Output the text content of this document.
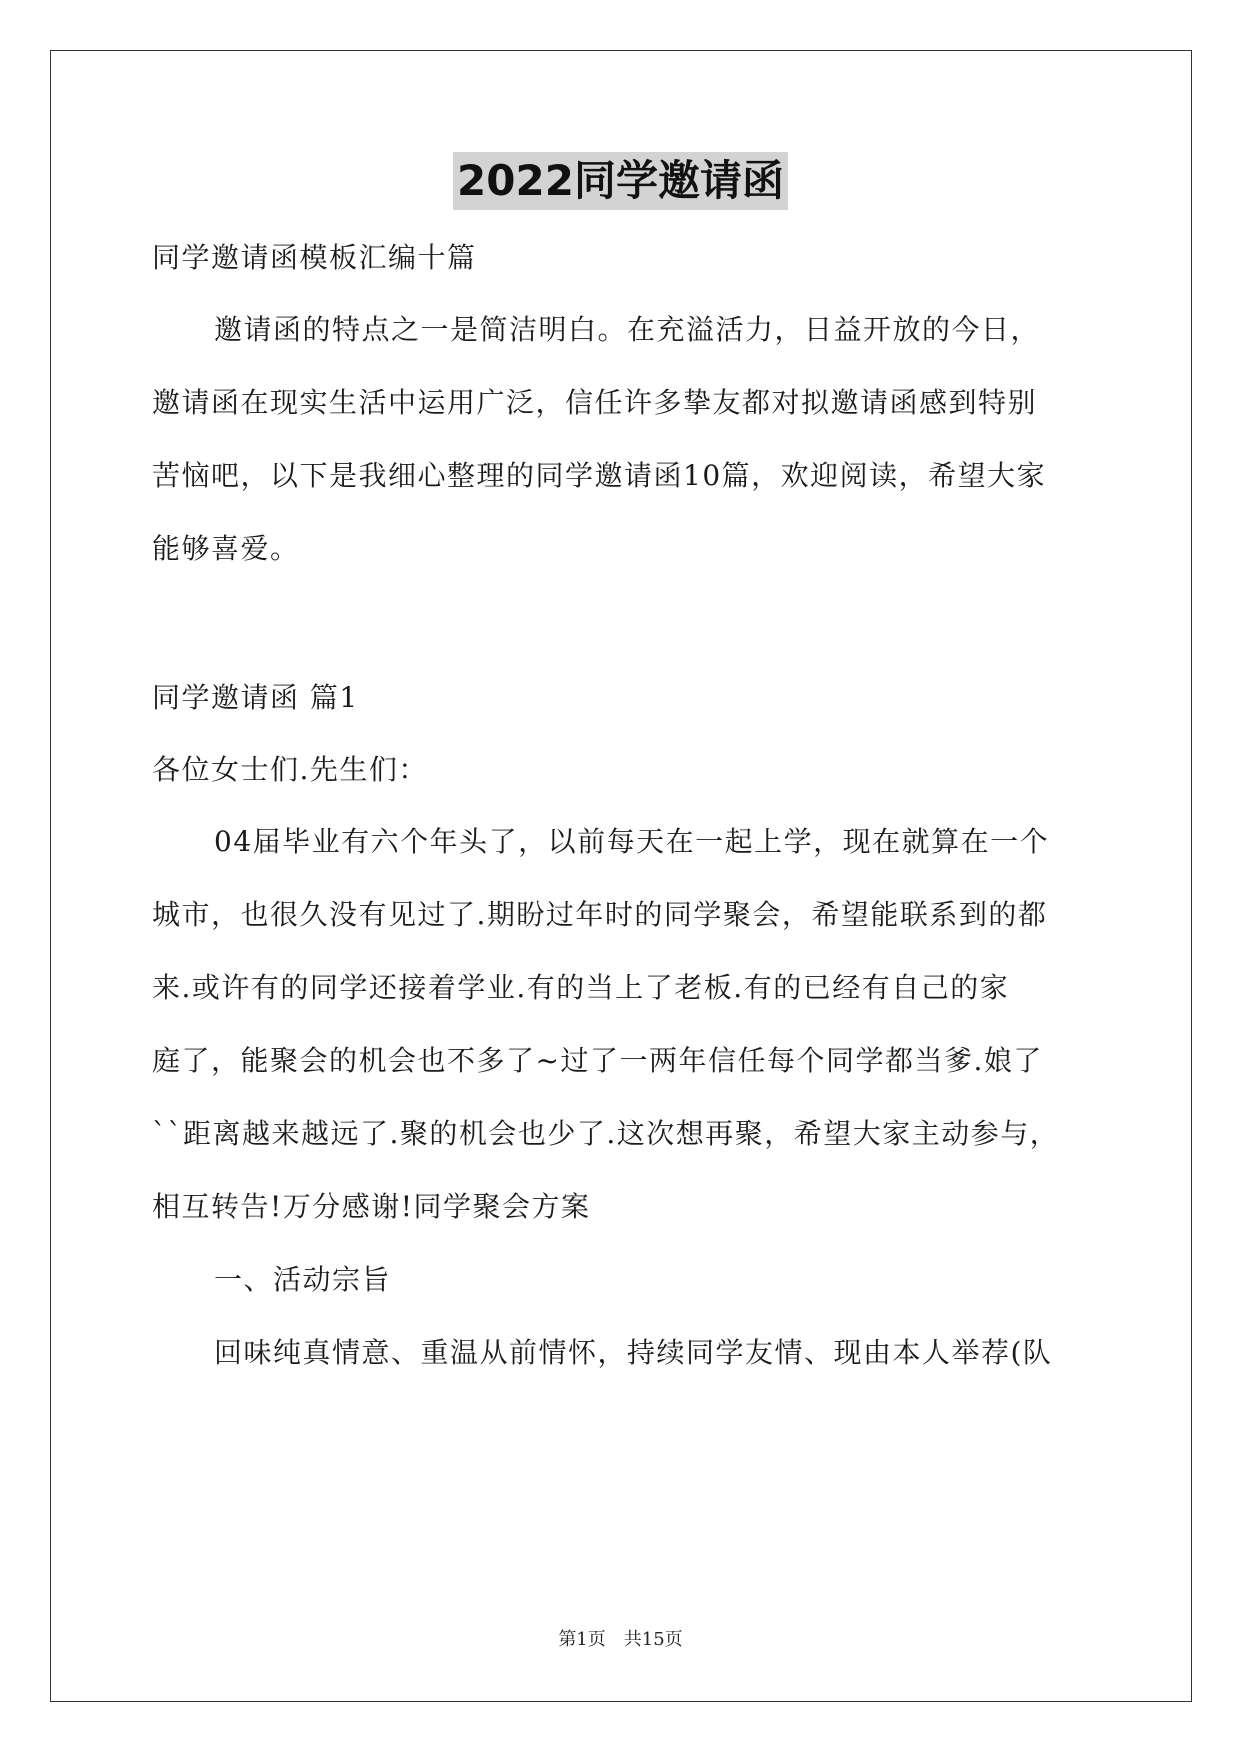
2022同学邀请函
同学邀请函模板汇编十篇
邀请函的特点之一是简洁明白。在充溢活力，日益开放的今日，
邀请函在现实生活中运用广泛，信任许多挚友都对拟邀请函感到特别
苦恼吧，以下是我细心整理的同学邀请函10篇，欢迎阅读，希望大家
能够喜爱。
同学邀请函 篇1
各位女士们.先生们：
04届毕业有六个年头了，以前每天在一起上学，现在就算在一个
城市，也很久没有见过了.期盼过年时的同学聚会，希望能联系到的都
来.或许有的同学还接着学业.有的当上了老板.有的已经有自己的家
庭了，能聚会的机会也不多了~过了一两年信任每个同学都当爹.娘了
``距离越来越远了.聚的机会也少了.这次想再聚，希望大家主动参与，
相互转告!万分感谢!同学聚会方案
一、活动宗旨
回味纯真情意、重温从前情怀，持续同学友情、现由本人举荐(队
第1页　共15页
